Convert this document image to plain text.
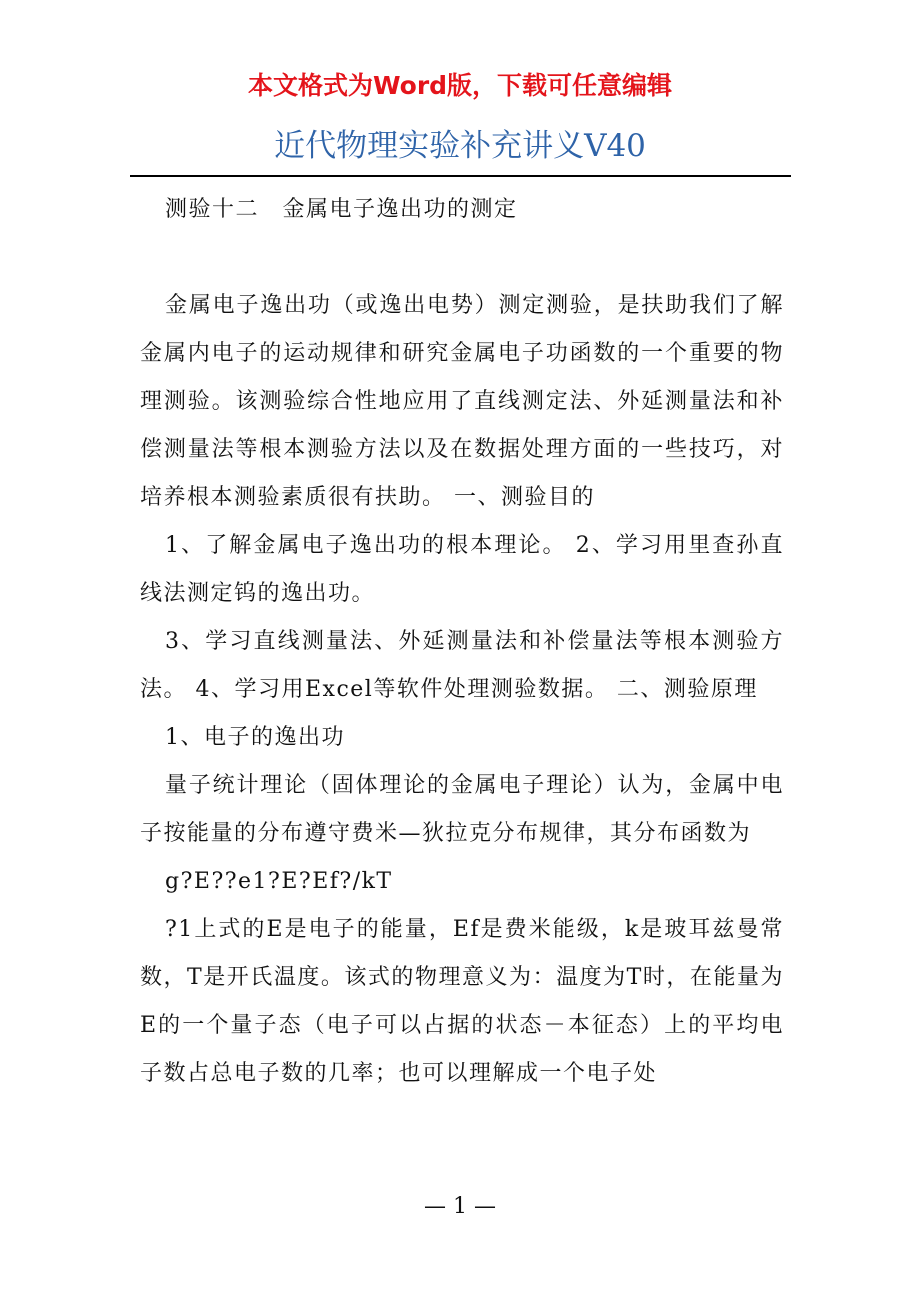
本文格式为Word版，下载可任意编辑
近代物理实验补充讲义V40

测验十二　金属电子逸出功的测定

金属电子逸出功（或逸出电势）测定测验，是扶助我们了解金属内电子的运动规律和研究金属电子功函数的一个重要的物理测验。该测验综合性地应用了直线测定法、外延测量法和补偿测量法等根本测验方法以及在数据处理方面的一些技巧，对培养根本测验素质很有扶助。 一、测验目的

1、了解金属电子逸出功的根本理论。 2、学习用里查孙直线法测定钨的逸出功。

3、学习直线测量法、外延测量法和补偿量法等根本测验方法。 4、学习用Excel等软件处理测验数据。 二、测验原理

1、电子的逸出功

量子统计理论（固体理论的金属电子理论）认为，金属中电子按能量的分布遵守费米—狄拉克分布规律，其分布函数为

g?E??e1?E?Ef?/kT

?1上式的E是电子的能量，Ef是费米能级，k是玻耳兹曼常数，T是开氏温度。该式的物理意义为：温度为T时，在能量为E的一个量子态（电子可以占据的状态－本征态）上的平均电子数占总电子数的几率；也可以理解成一个电子处

— 1 —
